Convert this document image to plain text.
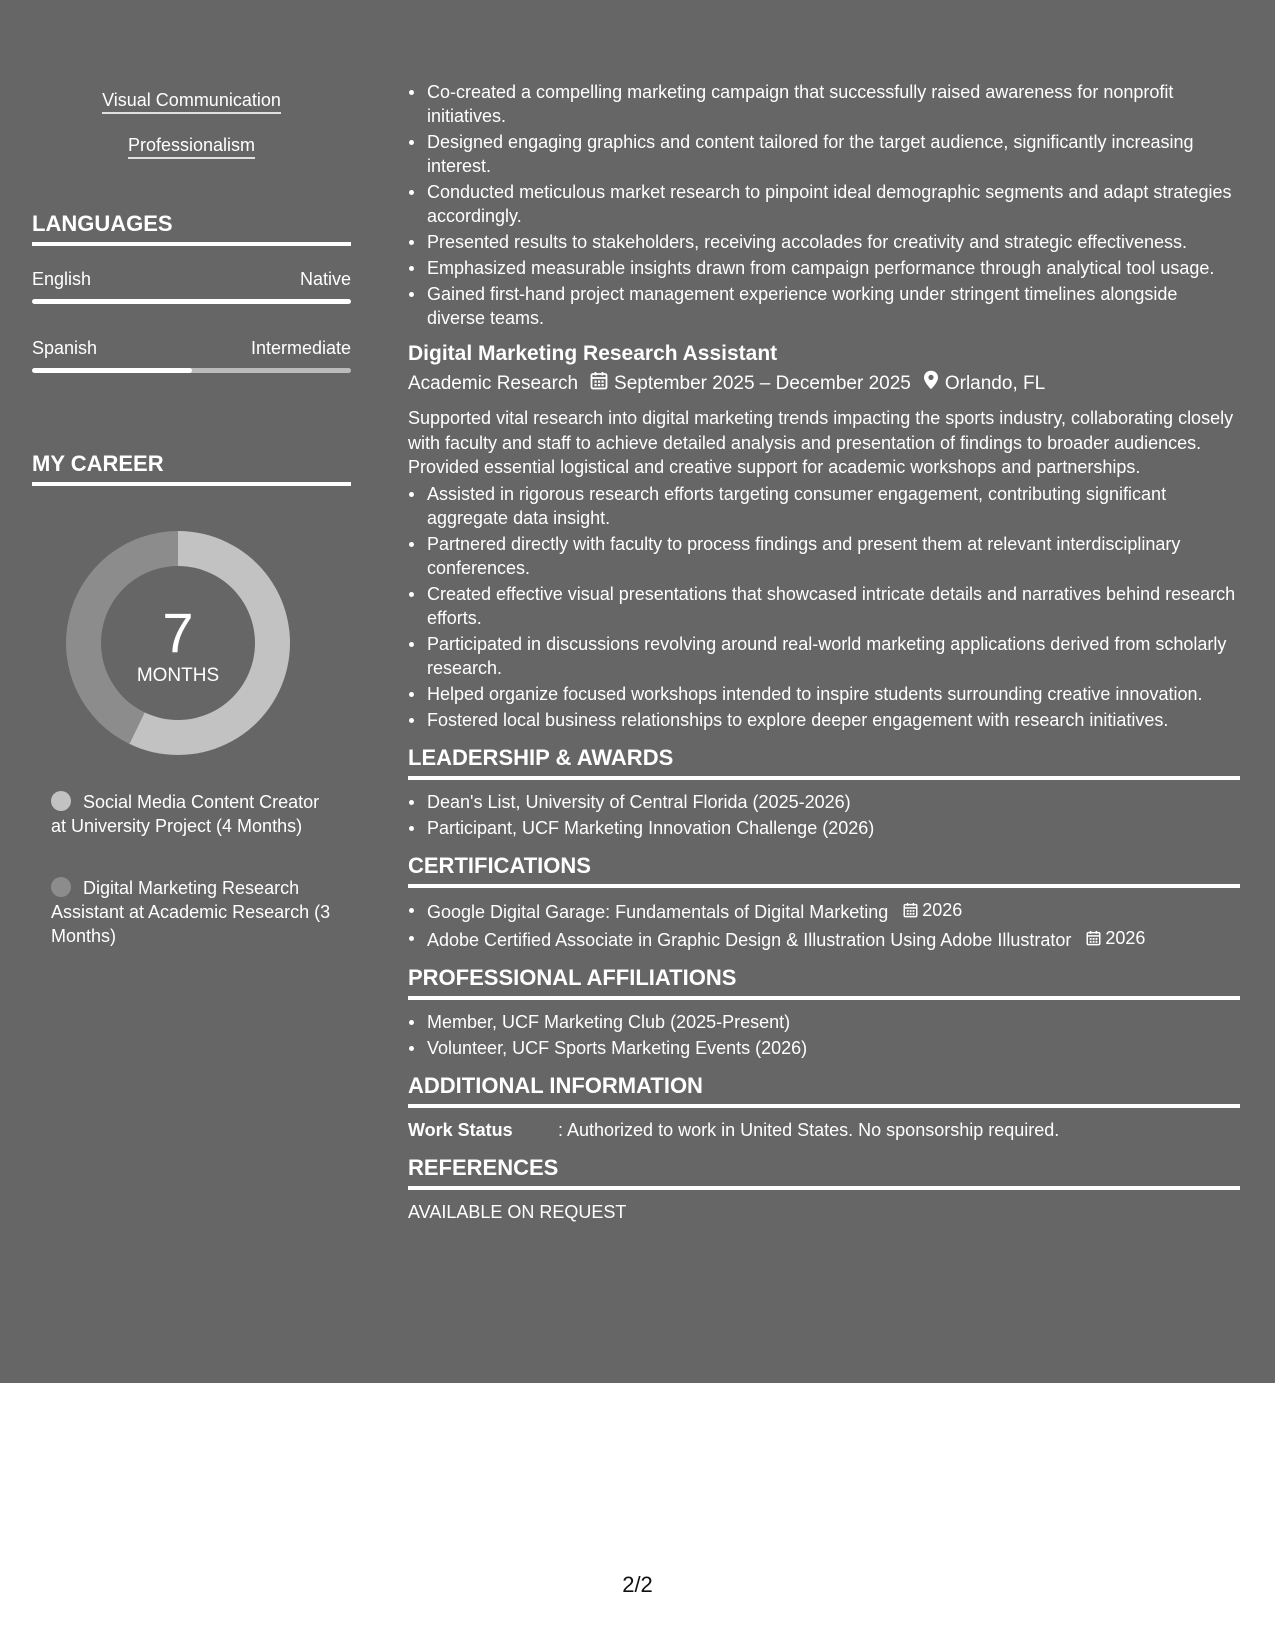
Visual Communication
Professionalism
LANGUAGES
English	Native
Spanish	Intermediate
MY CAREER
7
MONTHS
Social Media Content Creator at University Project (4 Months)
Digital Marketing Research Assistant at Academic Research (3 Months)
Co-created a compelling marketing campaign that successfully raised awareness for nonprofit initiatives.
Designed engaging graphics and content tailored for the target audience, significantly increasing interest.
Conducted meticulous market research to pinpoint ideal demographic segments and adapt strategies accordingly.
Presented results to stakeholders, receiving accolades for creativity and strategic effectiveness.
Emphasized measurable insights drawn from campaign performance through analytical tool usage.
Gained first-hand project management experience working under stringent timelines alongside diverse teams.
Digital Marketing Research Assistant
Academic Research September 2025 – December 2025 Orlando, FL
Supported vital research into digital marketing trends impacting the sports industry, collaborating closely with faculty and staff to achieve detailed analysis and presentation of findings to broader audiences. Provided essential logistical and creative support for academic workshops and partnerships.
Assisted in rigorous research efforts targeting consumer engagement, contributing significant aggregate data insight.
Partnered directly with faculty to process findings and present them at relevant interdisciplinary conferences.
Created effective visual presentations that showcased intricate details and narratives behind research efforts.
Participated in discussions revolving around real-world marketing applications derived from scholarly research.
Helped organize focused workshops intended to inspire students surrounding creative innovation.
Fostered local business relationships to explore deeper engagement with research initiatives.
LEADERSHIP & AWARDS
Dean's List, University of Central Florida (2025-2026)
Participant, UCF Marketing Innovation Challenge (2026)
CERTIFICATIONS
Google Digital Garage: Fundamentals of Digital Marketing 2026
Adobe Certified Associate in Graphic Design & Illustration Using Adobe Illustrator 2026
PROFESSIONAL AFFILIATIONS
Member, UCF Marketing Club (2025-Present)
Volunteer, UCF Sports Marketing Events (2026)
ADDITIONAL INFORMATION
Work Status	: Authorized to work in United States. No sponsorship required.
REFERENCES
AVAILABLE ON REQUEST
2/2
